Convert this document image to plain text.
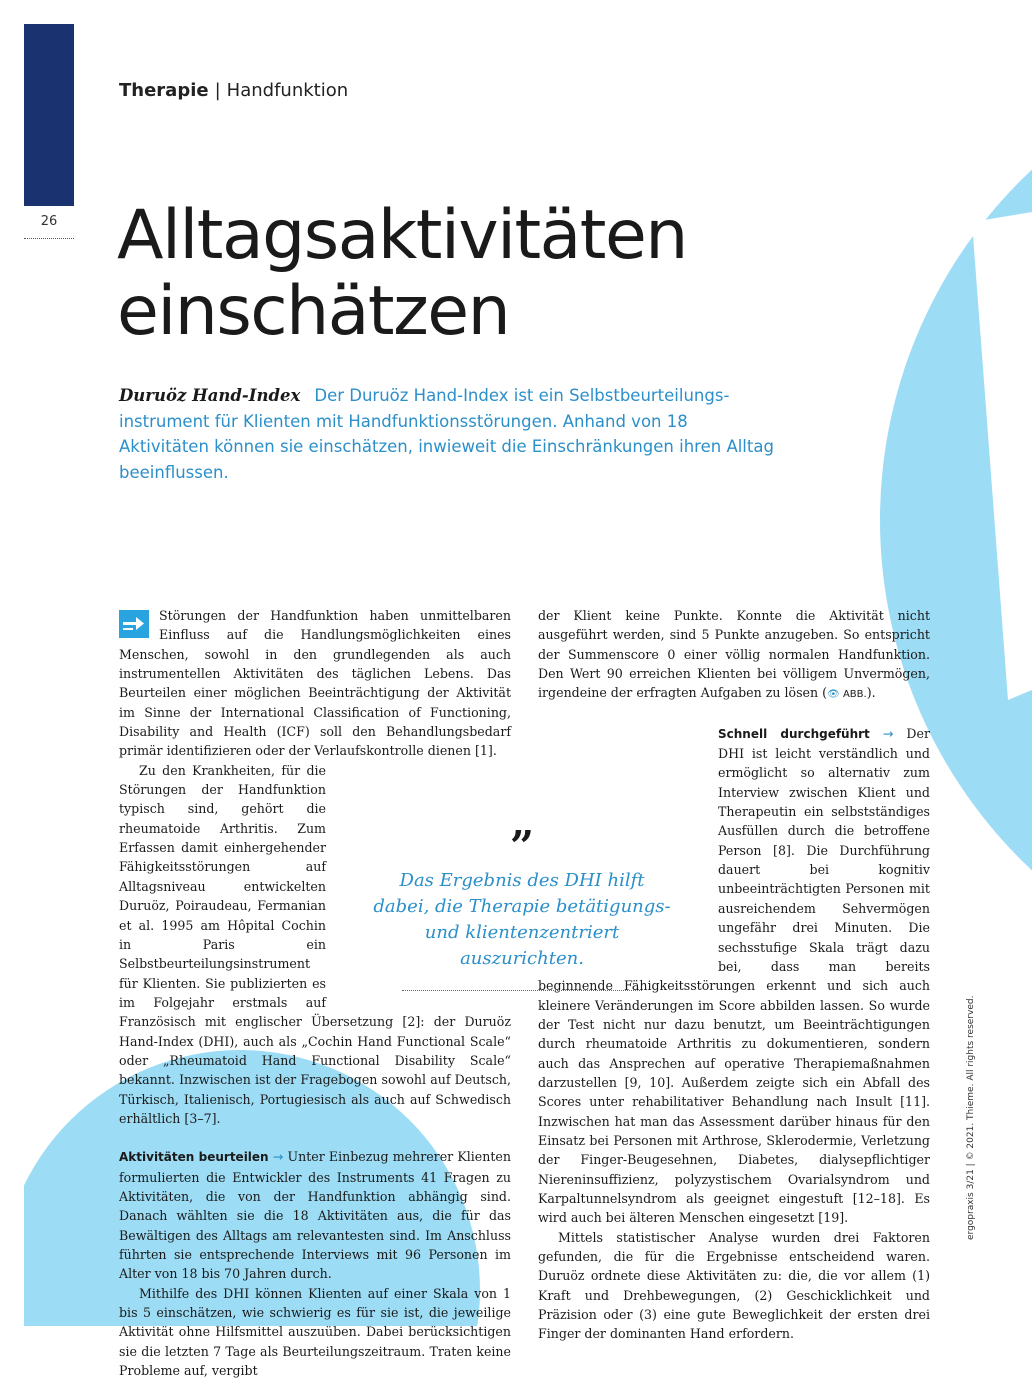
26
Therapie | Handfunktion
Alltagsaktivitäten
einschätzen

Duruöz Hand-Index Der Duruöz Hand-Index ist ein Selbstbeurteilungs-instrument für Klienten mit Handfunktionsstörungen. Anhand von 18 Aktivitäten können sie einschätzen, inwieweit die Einschränkungen ihren Alltag beeinflussen.

Störungen der Handfunktion haben unmittelbaren Einfluss auf die Handlungsmöglichkeiten eines Menschen, sowohl in den grundlegenden als auch instrumentellen Aktivitäten des täglichen Lebens. Das Beurteilen einer möglichen Beeinträchtigung der Aktivität im Sinne der International Classification of Functioning, Disability and Health (ICF) soll den Behandlungsbedarf primär identifizieren oder der Verlaufskontrolle dienen [1].

Zu den Krankheiten, für die Störungen der Handfunktion typisch sind, gehört die rheumatoide Arthritis. Zum Erfassen damit einhergehender Fähigkeitsstörungen auf Alltagsniveau entwickelten Duruöz, Poiraudeau, Fermanian et al. 1995 am Hôpital Cochin in Paris ein Selbstbeurteilungsinstrument für Klienten. Sie publizierten es im Folgejahr erstmals auf Französisch mit englischer Übersetzung [2]: der Duruöz Hand-Index (DHI), auch als „Cochin Hand Functional Scale“ oder „Rheumatoid Hand Functional Disability Scale“ bekannt. Inzwischen ist der Fragebogen sowohl auf Deutsch, Türkisch, Italienisch, Portugiesisch als auch auf Schwedisch erhältlich [3–7].

Aktivitäten beurteilen → Unter Einbezug mehrerer Klienten formulierten die Entwickler des Instruments 41 Fragen zu Aktivitäten, die von der Handfunktion abhängig sind. Danach wählten sie die 18 Aktivitäten aus, die für das Bewältigen des Alltags am relevantesten sind. Im Anschluss führten sie entsprechende Interviews mit 96 Personen im Alter von 18 bis 70 Jahren durch.

Mithilfe des DHI können Klienten auf einer Skala von 1 bis 5 einschätzen, wie schwierig es für sie ist, die jeweilige Aktivität ohne Hilfsmittel auszuüben. Dabei berücksichtigen sie die letzten 7 Tage als Beurteilungszeitraum. Traten keine Probleme auf, vergibt

der Klient keine Punkte. Konnte die Aktivität nicht ausgeführt werden, sind 5 Punkte anzugeben. So entspricht der Summenscore 0 einer völlig normalen Handfunktion. Den Wert 90 erreichen Klienten bei völligem Unvermögen, irgendeine der erfragten Aufgaben zu lösen (👁 ABB.).

Schnell durchgeführt → Der DHI ist leicht verständlich und ermöglicht so alternativ zum Interview zwischen Klient und Therapeutin ein selbstständiges Ausfüllen durch die betroffene Person [8]. Die Durchführung dauert bei kognitiv unbeeinträchtigten Personen mit ausreichendem Sehvermögen ungefähr drei Minuten. Die sechsstufige Skala trägt dazu bei, dass man bereits beginnende Fähigkeitsstörungen erkennt und sich auch kleinere Veränderungen im Score abbilden lassen. So wurde der Test nicht nur dazu benutzt, um Beeinträchtigungen durch rheumatoide Arthritis zu dokumentieren, sondern auch das Ansprechen auf operative Therapiemaßnahmen darzustellen [9, 10]. Außerdem zeigte sich ein Abfall des Scores unter rehabilitativer Behandlung nach Insult [11]. Inzwischen hat man das Assessment darüber hinaus für den Einsatz bei Personen mit Arthrose, Sklerodermie, Verletzung der Finger-Beugesehnen, Diabetes, dialysepflichtiger Niereninsuffizienz, polyzystischem Ovarialsyndrom und Karpaltunnelsyndrom als geeignet eingestuft [12–18]. Es wird auch bei älteren Menschen eingesetzt [19].

Mittels statistischer Analyse wurden drei Faktoren gefunden, die für die Ergebnisse entscheidend waren. Duruöz ordnete diese Aktivitäten zu: die, die vor allem (1) Kraft und Drehbewegungen, (2) Geschicklichkeit und Präzision oder (3) eine gute Beweglichkeit der ersten drei Finger der dominanten Hand erfordern.

”
Das Ergebnis des DHI hilft dabei, die Therapie betätigungs- und klientenzentriert auszurichten.
ergopraxis 3/21 | © 2021. Thieme. All rights reserved.
